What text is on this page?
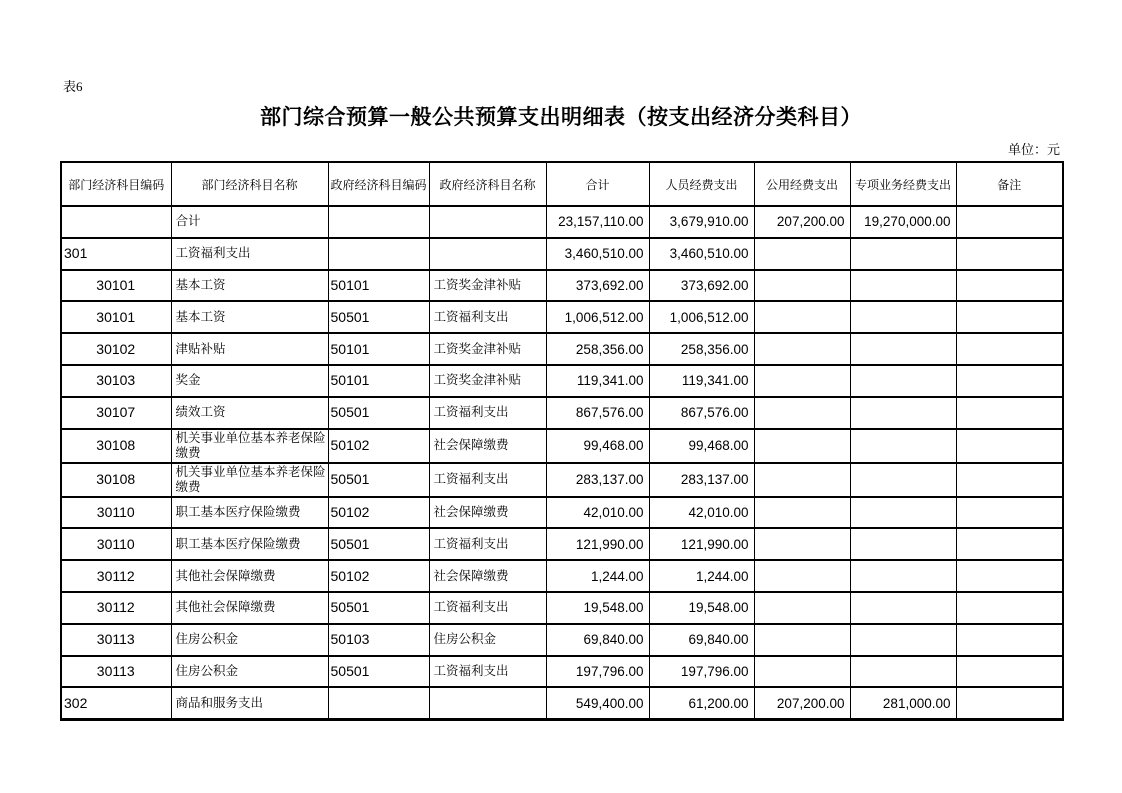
表6
部门综合预算一般公共预算支出明细表（按支出经济分类科目）
单位：元
部门经济科目编码	部门经济科目名称	政府经济科目编码	政府经济科目名称	合计	人员经费支出	公用经费支出	专项业务经费支出	备注
	合计			23,157,110.00	3,679,910.00	207,200.00	19,270,000.00	
301	工资福利支出			3,460,510.00	3,460,510.00			
30101	基本工资	50101	工资奖金津补贴	373,692.00	373,692.00			
30101	基本工资	50501	工资福利支出	1,006,512.00	1,006,512.00			
30102	津贴补贴	50101	工资奖金津补贴	258,356.00	258,356.00			
30103	奖金	50101	工资奖金津补贴	119,341.00	119,341.00			
30107	绩效工资	50501	工资福利支出	867,576.00	867,576.00			
30108	机关事业单位基本养老保险缴费	50102	社会保障缴费	99,468.00	99,468.00			
30108	机关事业单位基本养老保险缴费	50501	工资福利支出	283,137.00	283,137.00			
30110	职工基本医疗保险缴费	50102	社会保障缴费	42,010.00	42,010.00			
30110	职工基本医疗保险缴费	50501	工资福利支出	121,990.00	121,990.00			
30112	其他社会保障缴费	50102	社会保障缴费	1,244.00	1,244.00			
30112	其他社会保障缴费	50501	工资福利支出	19,548.00	19,548.00			
30113	住房公积金	50103	住房公积金	69,840.00	69,840.00			
30113	住房公积金	50501	工资福利支出	197,796.00	197,796.00			
302	商品和服务支出			549,400.00	61,200.00	207,200.00	281,000.00	
